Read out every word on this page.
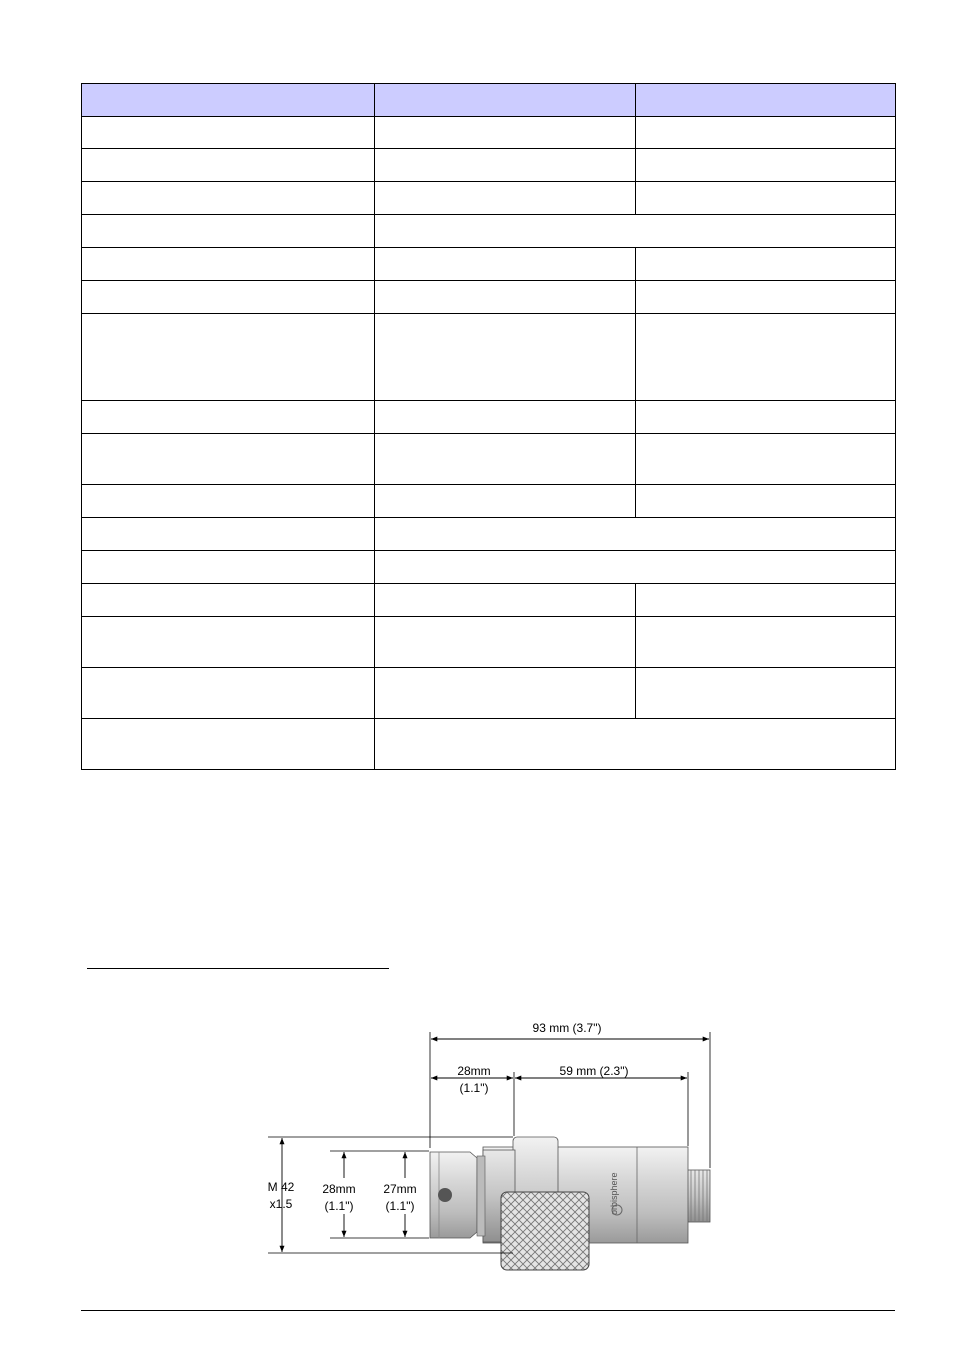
orbisphere
93 mm (3.7")
28mm
(1.1")
59 mm (2.3")
M 42
x1.5
28mm
(1.1")
27mm
(1.1")
